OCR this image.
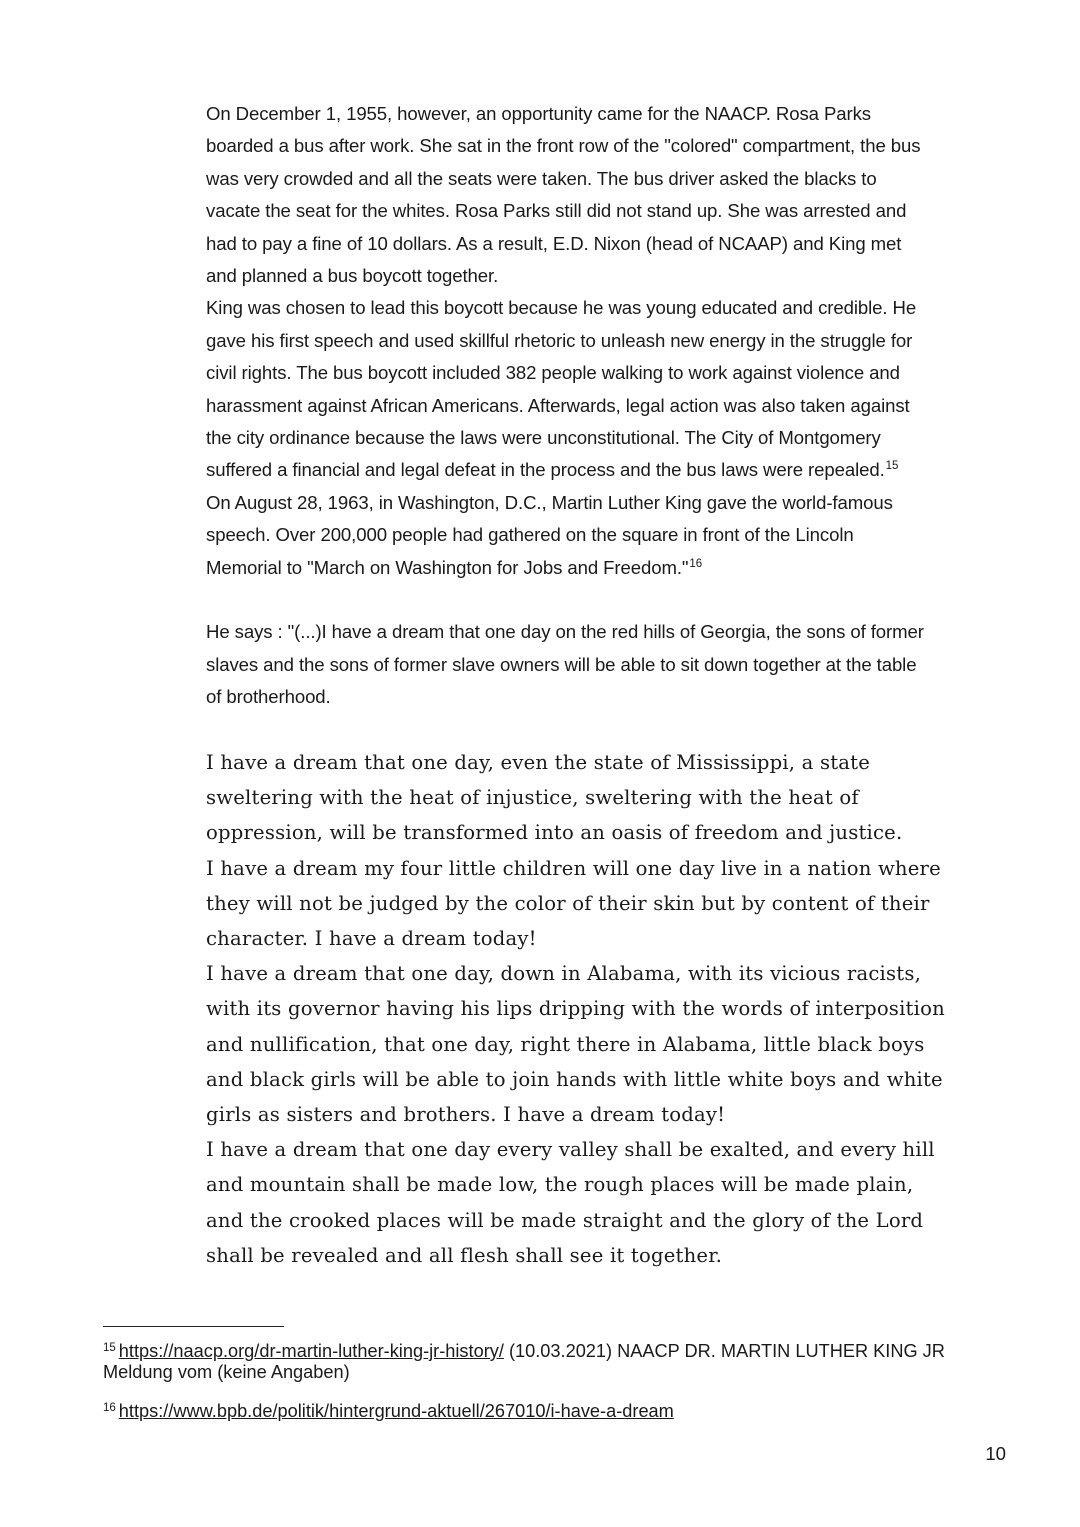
On December 1, 1955, however, an opportunity came for the NAACP. Rosa Parks boarded a bus after work. She sat in the front row of the "colored" compartment, the bus was very crowded and all the seats were taken. The bus driver asked the blacks to vacate the seat for the whites. Rosa Parks still did not stand up. She was arrested and had to pay a fine of 10 dollars. As a result, E.D. Nixon (head of NCAAP) and King met and planned a bus boycott together.

King was chosen to lead this boycott because he was young educated and credible. He gave his first speech and used skillful rhetoric to unleash new energy in the struggle for civil rights. The bus boycott included 382 people walking to work against violence and harassment against African Americans. Afterwards, legal action was also taken against the city ordinance because the laws were unconstitutional. The City of Montgomery suffered a financial and legal defeat in the process and the bus laws were repealed.$^{15}$

On August 28, 1963, in Washington, D.C., Martin Luther King gave the world-famous speech. Over 200,000 people had gathered on the square in front of the Lincoln Memorial to "March on Washington for Jobs and Freedom."$^{16}$

He says : "(...)I have a dream that one day on the red hills of Georgia, the sons of former slaves and the sons of former slave owners will be able to sit down together at the table of brotherhood.

I have a dream that one day, even the state of Mississippi, a state sweltering with the heat of injustice, sweltering with the heat of oppression, will be transformed into an oasis of freedom and justice.

I have a dream my four little children will one day live in a nation where they will not be judged by the color of their skin but by content of their character. I have a dream today!

I have a dream that one day, down in Alabama, with its vicious racists, with its governor having his lips dripping with the words of interposition and nullification, that one day, right there in Alabama, little black boys and black girls will be able to join hands with little white boys and white girls as sisters and brothers. I have a dream today!

I have a dream that one day every valley shall be exalted, and every hill and mountain shall be made low, the rough places will be made plain, and the crooked places will be made straight and the glory of the Lord shall be revealed and all flesh shall see it together.

$^{15}$ https://naacp.org/dr-martin-luther-king-jr-history/ (10.03.2021) NAACP DR. MARTIN LUTHER KING JR Meldung vom (keine Angaben)

$^{16}$ https://www.bpb.de/politik/hintergrund-aktuell/267010/i-have-a-dream

10
